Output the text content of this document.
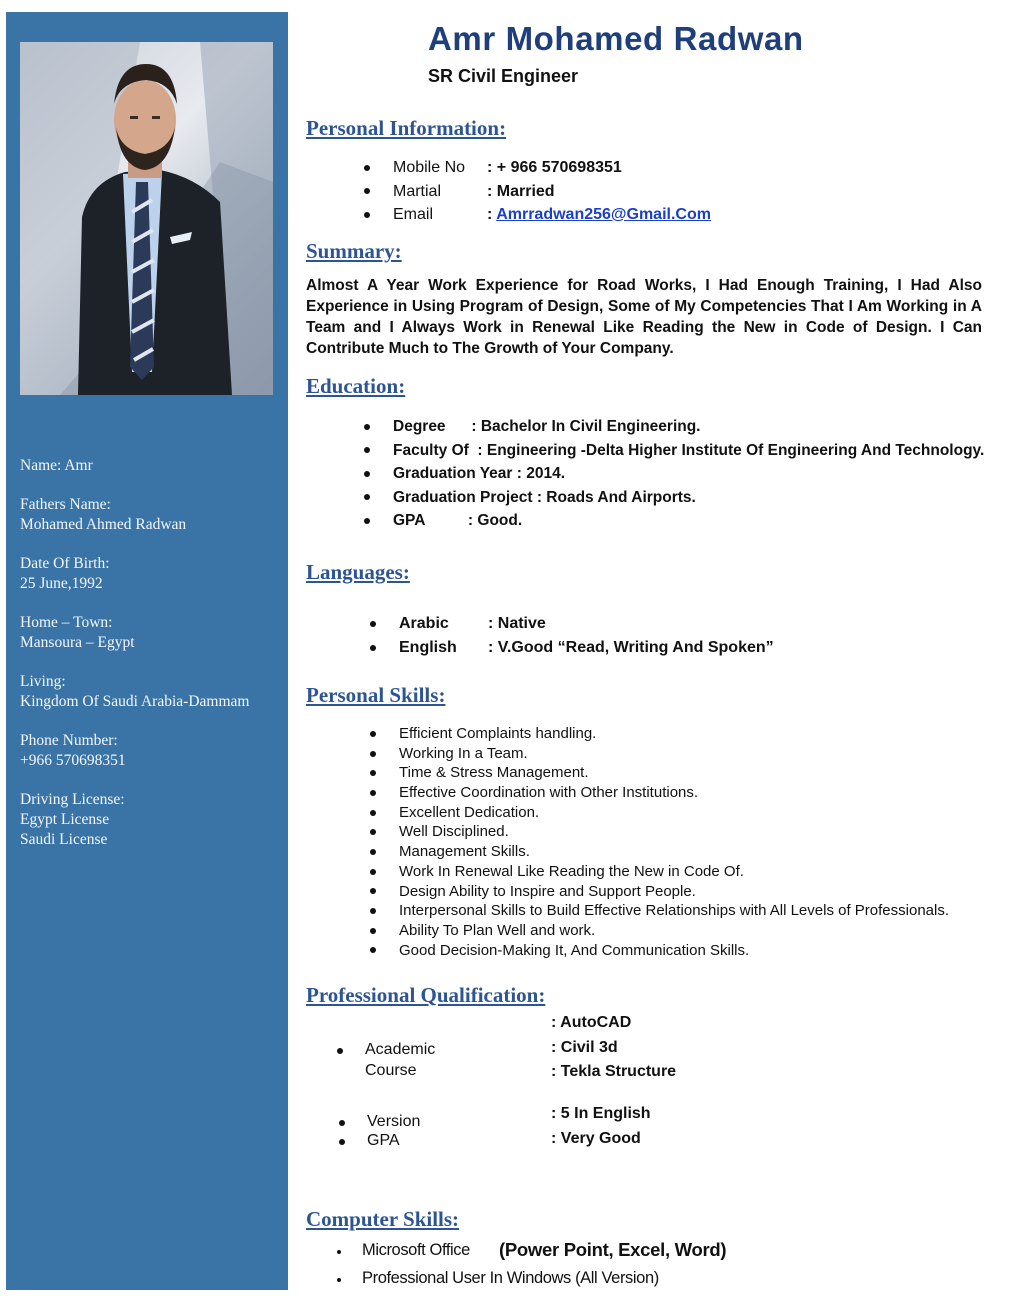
Name: Amr
Fathers Name:
Mohamed Ahmed Radwan
Date Of Birth:
25 June,1992
Home – Town:
Mansoura – Egypt
Living:
Kingdom Of Saudi Arabia-Dammam
Phone Number:
+966 570698351
Driving License:
Egypt License
Saudi License
Amr Mohamed Radwan
SR Civil Engineer
Personal Information:
Mobile No : + 966 570698351
Martial	: Married
Email	: Amrradwan256@Gmail.Com
Summary:
Almost A Year Work Experience for Road Works, I Had Enough Training, I Had Also Experience in Using Program of Design, Some of My Competencies That I Am Working in A Team and I Always Work in Renewal Like Reading the New in Code of Design. I Can Contribute Much to The Growth of Your Company.
Education:
Degree      : Bachelor In Civil Engineering.
Faculty Of  : Engineering -Delta Higher Institute Of Engineering And Technology.
Graduation Year : 2014.
Graduation Project : Roads And Airports.
GPA          : Good.
Languages:
Arabic : Native
English : V.Good “Read, Writing And Spoken”
Personal Skills:
Efficient Complaints handling.
Working In a Team.
Time & Stress Management.
Effective Coordination with Other Institutions.
Excellent Dedication.
Well Disciplined.
Management Skills.
Work In Renewal Like Reading the New in Code Of.
Design Ability to Inspire and Support People.
Interpersonal Skills to Build Effective Relationships with All Levels of Professionals.
Ability To Plan Well and work.
Good Decision-Making It, And Communication Skills.
Professional Qualification:
Academic
Course
: AutoCAD
: Civil 3d
: Tekla Structure
Version	: 5 In English
GPA	: Very Good
Computer Skills:
Microsoft Office (Power Point, Excel, Word)
Professional User In Windows (All Version)
